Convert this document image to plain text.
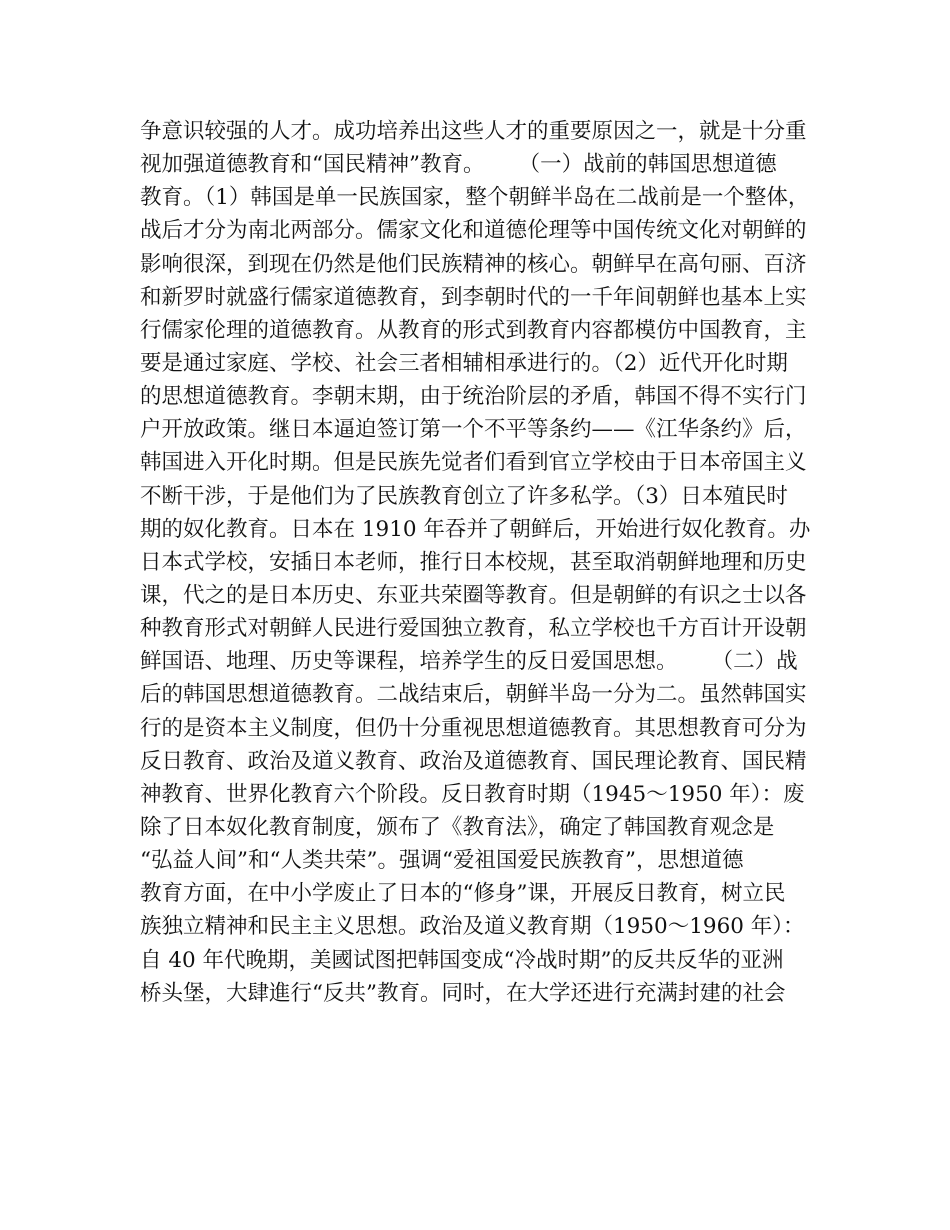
争意识较强的人才。成功培养出这些人才的重要原因之一，就是十分重
视加强道德教育和“国民精神”教育。     （一）战前的韩国思想道德
教育。（1）韩国是单一民族国家，整个朝鲜半岛在二战前是一个整体，
战后才分为南北两部分。儒家文化和道德伦理等中国传统文化对朝鲜的
影响很深，到现在仍然是他们民族精神的核心。朝鲜早在高句丽、百济
和新罗时就盛行儒家道德教育，到李朝时代的一千年间朝鲜也基本上实
行儒家伦理的道德教育。从教育的形式到教育内容都模仿中国教育，主
要是通过家庭、学校、社会三者相辅相承进行的。（2）近代开化时期
的思想道德教育。李朝末期，由于统治阶层的矛盾，韩国不得不实行门
户开放政策。继日本逼迫签订第一个不平等条约——《江华条约》后，
韩国进入开化时期。但是民族先觉者们看到官立学校由于日本帝国主义
不断干涉，于是他们为了民族教育创立了许多私学。（3）日本殖民时
期的奴化教育。日本在 1910 年吞并了朝鲜后，开始进行奴化教育。办
日本式学校，安插日本老师，推行日本校规，甚至取消朝鲜地理和历史
课，代之的是日本历史、东亚共荣圈等教育。但是朝鲜的有识之士以各
种教育形式对朝鲜人民进行爱国独立教育，私立学校也千方百计开设朝
鲜国语、地理、历史等课程，培养学生的反日爱国思想。     （二）战
后的韩国思想道德教育。二战结束后，朝鲜半岛一分为二。虽然韩国实
行的是资本主义制度，但仍十分重视思想道德教育。其思想教育可分为
反日教育、政治及道义教育、政治及道德教育、国民理论教育、国民精
神教育、世界化教育六个阶段。反日教育时期（1945～1950 年）：废
除了日本奴化教育制度，颁布了《教育法》，确定了韩国教育观念是
“弘益人间”和“人类共荣”。强调“爱祖国爱民族教育”，思想道德
教育方面，在中小学废止了日本的“修身”课，开展反日教育，树立民
族独立精神和民主主义思想。政治及道义教育期（1950～1960 年）：
自 40 年代晚期，美國试图把韩国变成“冷战时期”的反共反华的亚洲
桥头堡，大肆進行“反共”教育。同时，在大学还进行充满封建的社会
